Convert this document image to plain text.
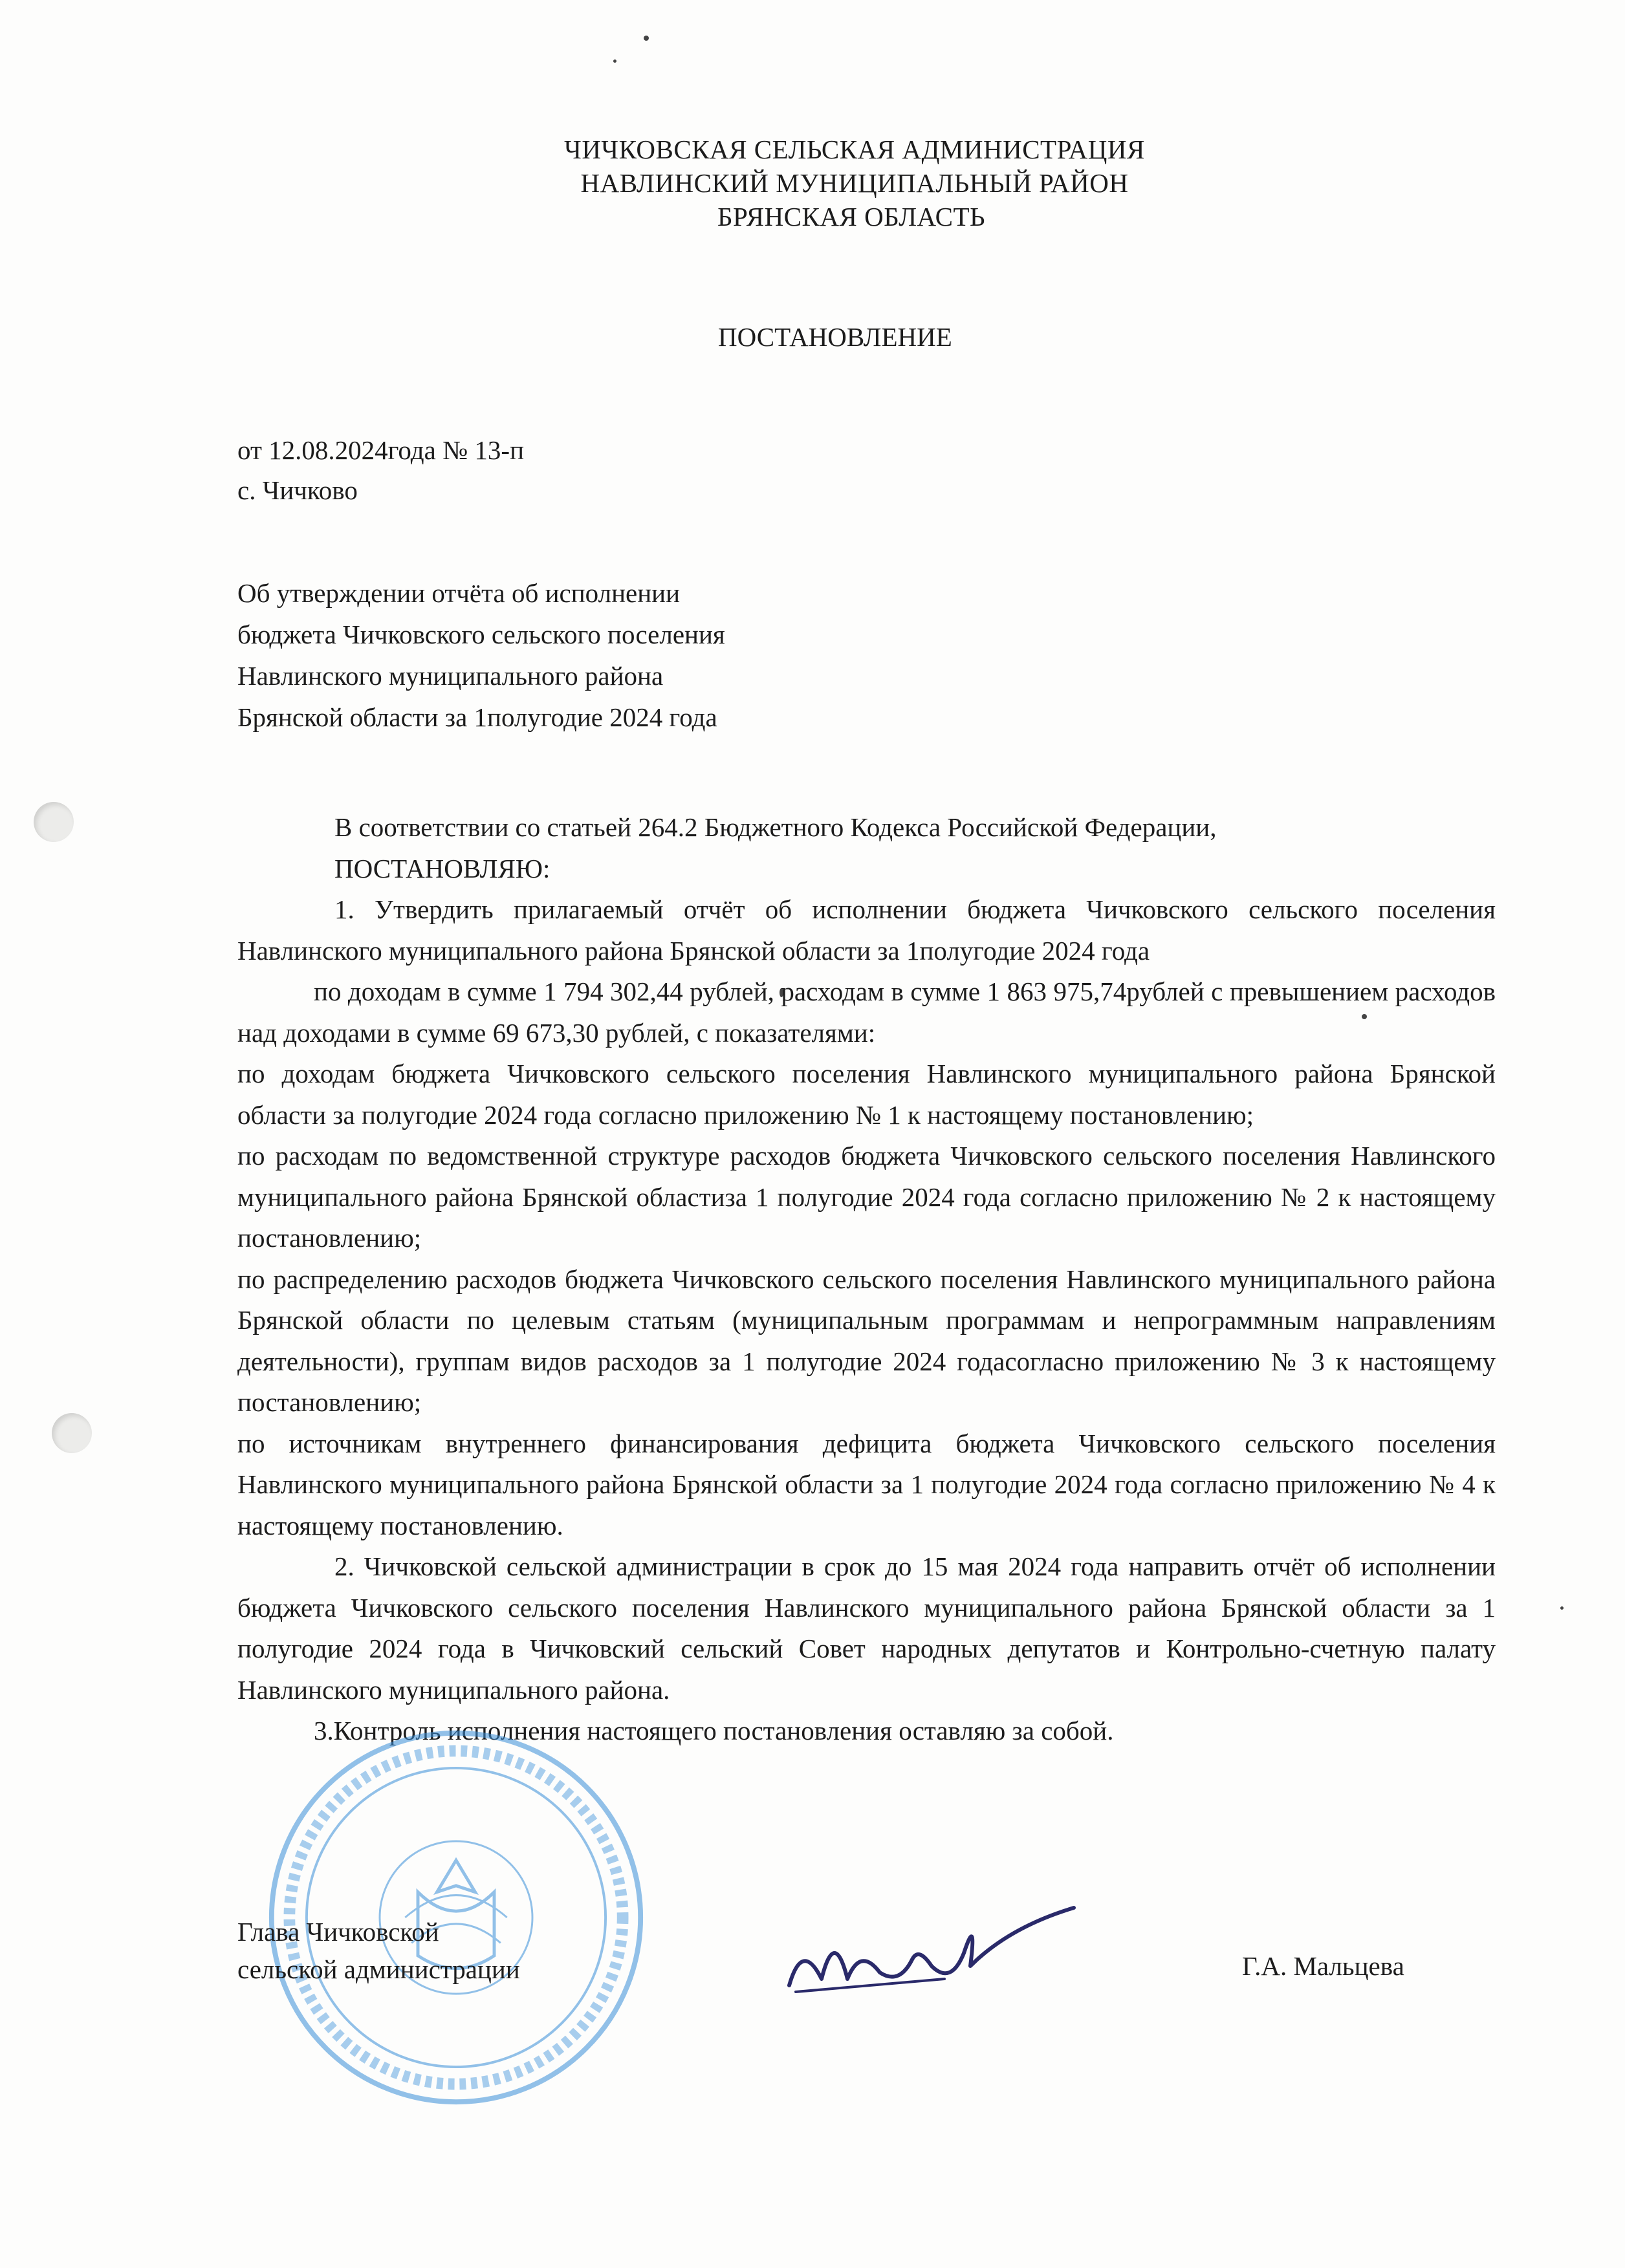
ЧИЧКОВСКАЯ СЕЛЬСКАЯ АДМИНИСТРАЦИЯ
НАВЛИНСКИЙ МУНИЦИПАЛЬНЫЙ РАЙОН
БРЯНСКАЯ ОБЛАСТЬ
ПОСТАНОВЛЕНИЕ
от 12.08.2024года № 13-п
с. Чичково
Об утверждении отчёта об исполнении
бюджета Чичковского сельского поселения
Навлинского муниципального района
Брянской области за 1полугодие 2024 года

В соответствии со статьей 264.2 Бюджетного Кодекса Российской Федерации,

ПОСТАНОВЛЯЮ:

1. Утвердить прилагаемый отчёт об исполнении бюджета Чичковского сельского поселения Навлинского муниципального района Брянской области за 1полугодие 2024 года

по доходам в сумме 1 794 302,44 рублей, расходам в сумме 1 863 975,74рублей с превышением расходов над доходами в сумме 69 673,30 рублей, с показателями:

по доходам бюджета Чичковского сельского поселения Навлинского муниципального района Брянской области за полугодие 2024 года согласно приложению № 1 к настоящему постановлению;

по расходам по ведомственной структуре расходов бюджета Чичковского сельского поселения Навлинского муниципального района Брянской областиза 1 полугодие 2024 года согласно приложению № 2 к настоящему постановлению;

по распределению расходов бюджета Чичковского сельского поселения Навлинского муниципального района Брянской области по целевым статьям (муниципальным программам и непрограммным направлениям деятельности), группам видов расходов за 1 полугодие 2024 годасогласно приложению № 3 к настоящему постановлению;

по источникам внутреннего финансирования дефицита бюджета Чичковского сельского поселения Навлинского муниципального района Брянской области за 1 полугодие 2024 года согласно приложению № 4 к настоящему постановлению.

2. Чичковской сельской администрации в срок до 15 мая 2024 года направить отчёт об исполнении бюджета Чичковского сельского поселения Навлинского муниципального района Брянской области за 1 полугодие 2024 года в Чичковский сельский Совет народных депутатов и Контрольно-счетную палату Навлинского муниципального района.

3.Контроль исполнения настоящего постановления оставляю за собой.

Глава Чичковской
сельской администрации	Г.А. Мальцева
